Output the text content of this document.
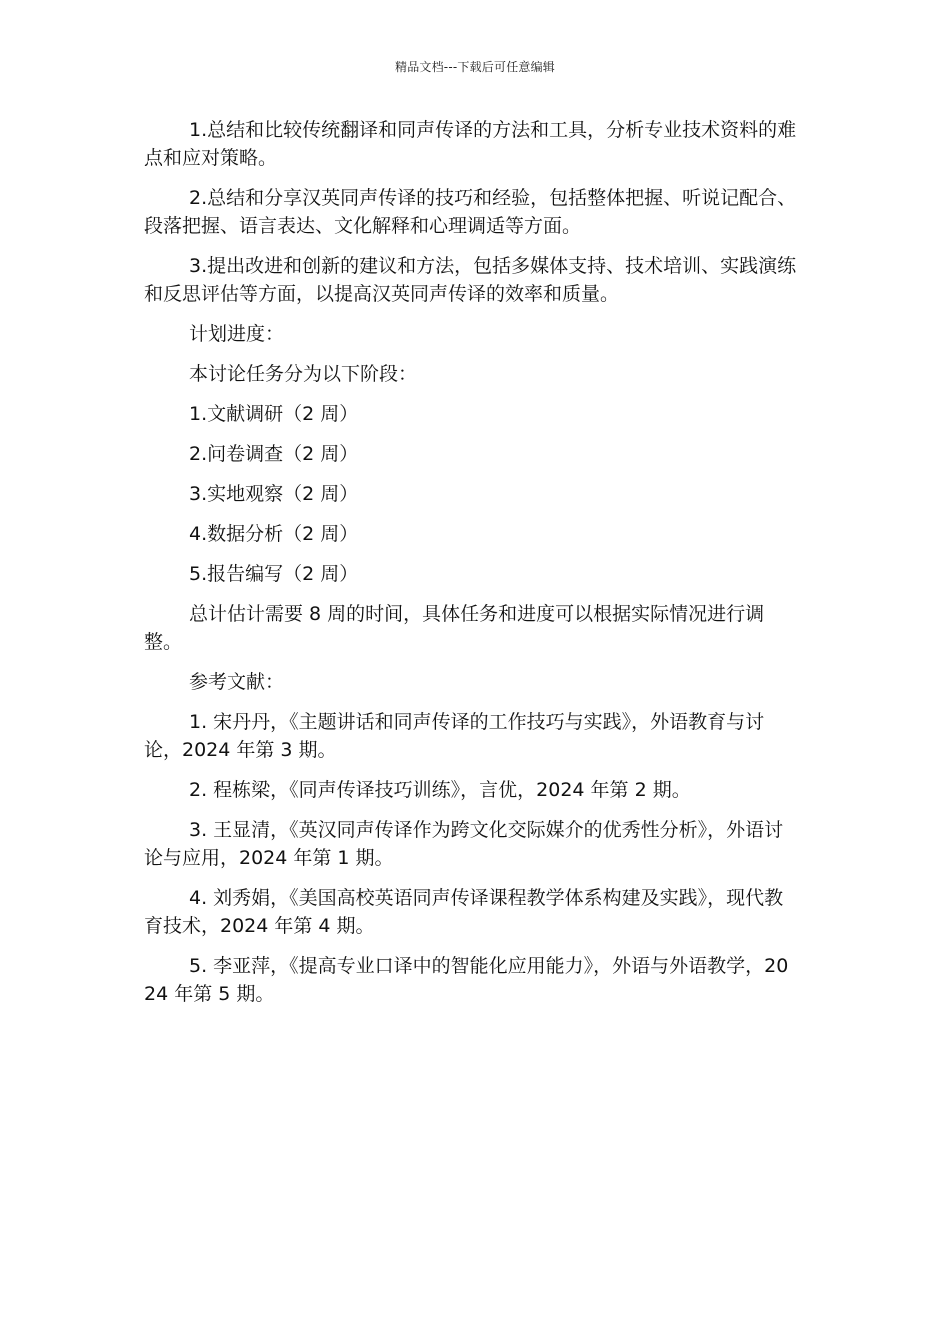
精品文档---下载后可任意编辑

1.总结和比较传统翻译和同声传译的方法和工具，分析专业技术资料的难点和应对策略。

2.总结和分享汉英同声传译的技巧和经验，包括整体把握、听说记配合、段落把握、语言表达、文化解释和心理调适等方面。

3.提出改进和创新的建议和方法，包括多媒体支持、技术培训、实践演练和反思评估等方面，以提高汉英同声传译的效率和质量。

计划进度：

本讨论任务分为以下阶段：

1.文献调研（2 周）

2.问卷调查（2 周）

3.实地观察（2 周）

4.数据分析（2 周）

5.报告编写（2 周）

总计估计需要 8 周的时间，具体任务和进度可以根据实际情况进行调整。

参考文献：

1. 宋丹丹，《主题讲话和同声传译的工作技巧与实践》，外语教育与讨论，2024 年第 3 期。

2. 程栋梁，《同声传译技巧训练》，言优，2024 年第 2 期。

3. 王显清，《英汉同声传译作为跨文化交际媒介的优秀性分析》，外语讨论与应用，2024 年第 1 期。

4. 刘秀娟，《美国高校英语同声传译课程教学体系构建及实践》，现代教育技术，2024 年第 4 期。

5. 李亚萍，《提高专业口译中的智能化应用能力》，外语与外语教学，2024 年第 5 期。
